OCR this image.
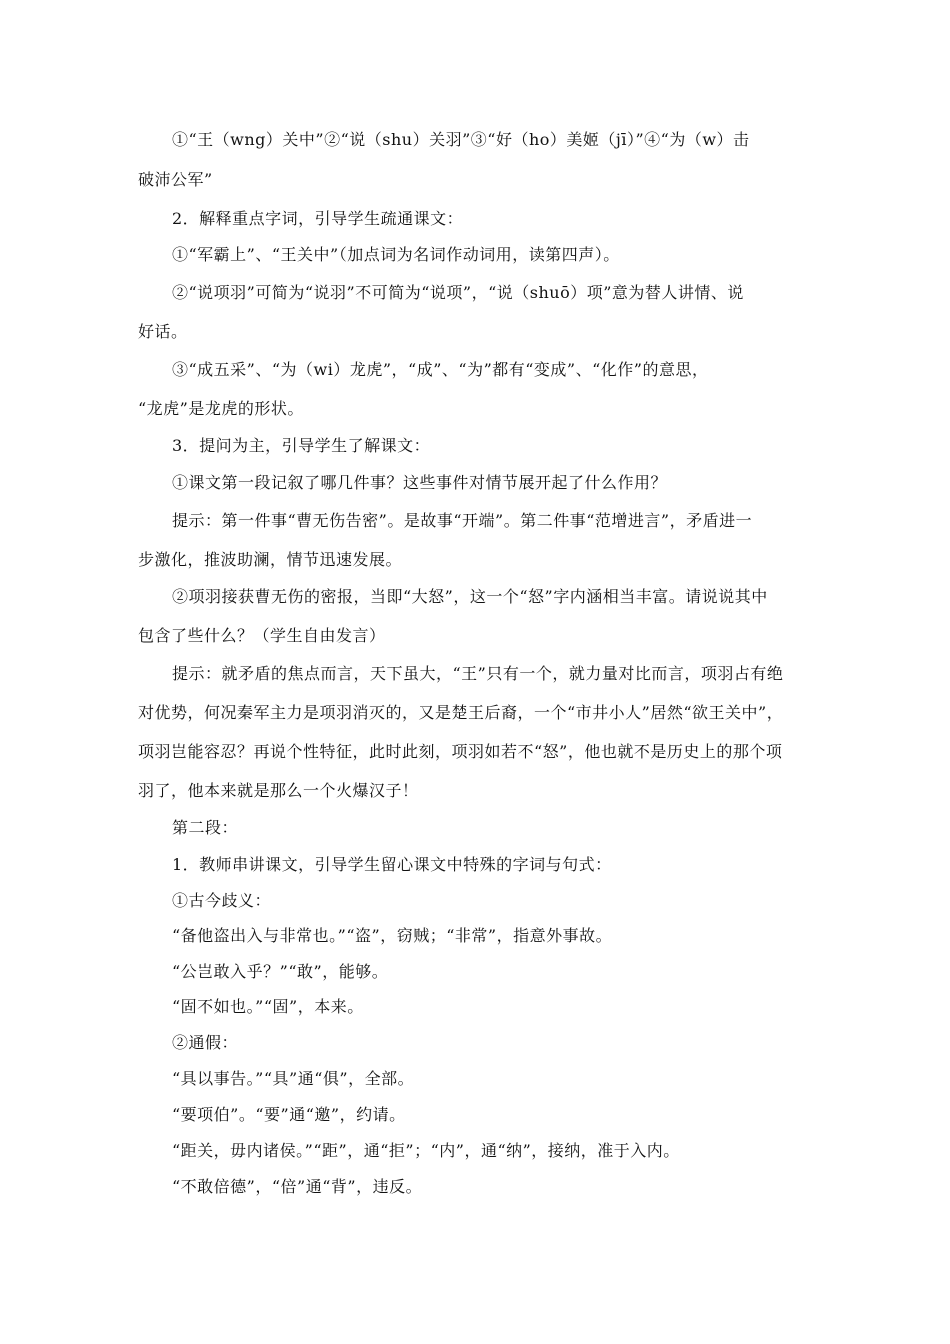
①“王（wng）关中”②“说（shu）关羽”③“好（ho）美姬（jī）”④“为（w）击
破沛公军”
2．解释重点字词，引导学生疏通课文：
①“军霸上”、“王关中”（加点词为名词作动词用，读第四声）。
②“说项羽”可简为“说羽”不可简为“说项”，“说（shuō）项”意为替人讲情、说
好话。
③“成五采”、“为（wi）龙虎”，“成”、“为”都有“变成”、“化作”的意思，
“龙虎”是龙虎的形状。
3．提问为主，引导学生了解课文：
①课文第一段记叙了哪几件事？这些事件对情节展开起了什么作用？
提示：第一件事“曹无伤告密”。是故事“开端”。第二件事“范增进言”，矛盾进一
步激化，推波助澜，情节迅速发展。
②项羽接获曹无伤的密报，当即“大怒”，这一个“怒”字内涵相当丰富。请说说其中
包含了些什么？（学生自由发言）
提示：就矛盾的焦点而言，天下虽大，“王”只有一个，就力量对比而言，项羽占有绝
对优势，何况秦军主力是项羽消灭的，又是楚王后裔，一个“市井小人”居然“欲王关中”，
项羽岂能容忍？再说个性特征，此时此刻，项羽如若不“怒”，他也就不是历史上的那个项
羽了，他本来就是那么一个火爆汉子！
第二段：
1．教师串讲课文，引导学生留心课文中特殊的字词与句式：
①古今歧义：
“备他盗出入与非常也。”“盗”，窃贼；“非常”，指意外事故。
“公岂敢入乎？”“敢”，能够。
“固不如也。”“固”，本来。
②通假：
“具以事告。”“具”通“俱”，全部。
“要项伯”。“要”通“邀”，约请。
“距关，毋内诸侯。”“距”，通“拒”；“内”，通“纳”，接纳，准于入内。
“不敢倍德”，“倍”通“背”，违反。
